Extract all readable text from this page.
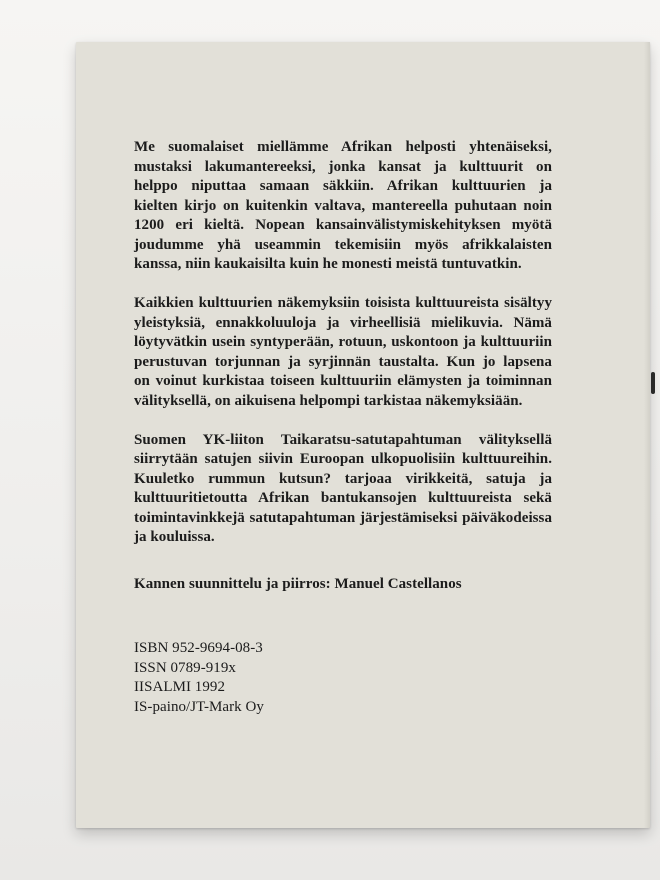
Me suomalaiset miellämme Afrikan helposti yhtenäiseksi,
mustaksi lakumantereeksi, jonka kansat ja kulttuurit on
helppo niputtaa samaan säkkiin. Afrikan kulttuurien ja
kielten kirjo on kuitenkin valtava, mantereella puhutaan noin
1200 eri kieltä. Nopean kansainvälistymiskehityksen myötä
joudumme yhä useammin tekemisiin myös afrikkalaisten
kanssa, niin kaukaisilta kuin he monesti meistä tuntuvatkin.
Kaikkien kulttuurien näkemyksiin toisista kulttuureista sisältyy
yleistyksiä, ennakkoluuloja ja virheellisiä mielikuvia. Nämä
löytyvätkin usein syntyperään, rotuun, uskontoon ja kulttuuriin
perustuvan torjunnan ja syrjinnän taustalta. Kun jo lapsena
on voinut kurkistaa toiseen kulttuuriin elämysten ja toiminnan
välityksellä, on aikuisena helpompi tarkistaa näkemyksiään.
Suomen YK-liiton Taikaratsu-satutapahtuman välityksellä
siirrytään satujen siivin Euroopan ulkopuolisiin kulttuureihin.
Kuuletko rummun kutsun? tarjoaa virikkeitä, satuja ja
kulttuuritietoutta Afrikan bantukansojen kulttuureista sekä
toimintavinkkejä satutapahtuman järjestämiseksi päiväkodeissa
ja kouluissa.
Kannen suunnittelu ja piirros: Manuel Castellanos
ISBN 952-9694-08-3
ISSN 0789-919x
IISALMI 1992
IS-paino/JT-Mark Oy
